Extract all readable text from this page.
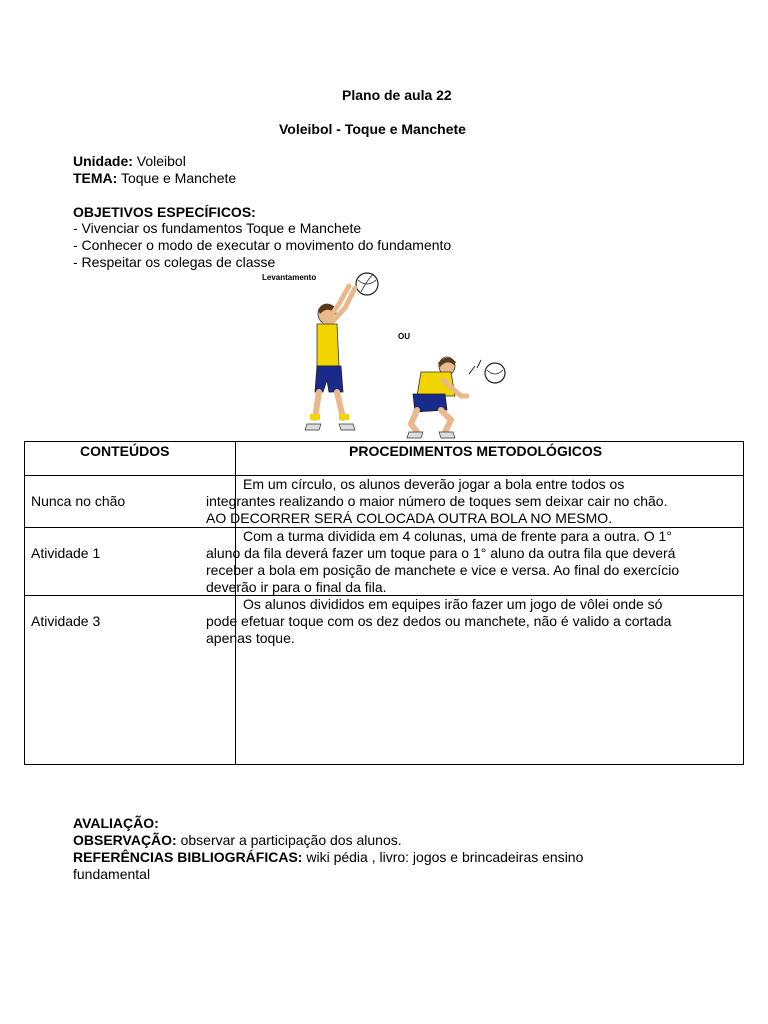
Plano de aula 22
Voleibol - Toque e Manchete
Unidade: Voleibol
TEMA: Toque e Manchete
OBJETIVOS ESPECÍFICOS:
- Vivenciar os fundamentos Toque e Manchete
- Conhecer o modo de executar o movimento do fundamento
- Respeitar os colegas de classe
Levantamento
OU
CONTEÚDOS	PROCEDIMENTOS METODOLÓGICOS
Nunca no chão
Em um círculo, os alunos deverão jogar a bola entre todos os
integrantes realizando o maior número de toques sem deixar cair no chão.
AO DECORRER SERÁ COLOCADA OUTRA BOLA NO MESMO.
Atividade 1
Com a turma dividida em 4 colunas, uma de frente para a outra. O 1°
aluno da fila deverá fazer um toque para o 1° aluno da outra fila que deverá
receber a bola em posição de manchete e vice e versa. Ao final do exercício
deverão ir para o final da fila.
Atividade 3
Os alunos divididos em equipes irão fazer um jogo de vôlei onde só
pode efetuar toque com os dez dedos ou manchete, não é valido a cortada
apenas toque.
AVALIAÇÃO:
OBSERVAÇÃO: observar a participação dos alunos.
REFERÊNCIAS BIBLIOGRÁFICAS: wiki pédia , livro: jogos e brincadeiras ensino
fundamental
